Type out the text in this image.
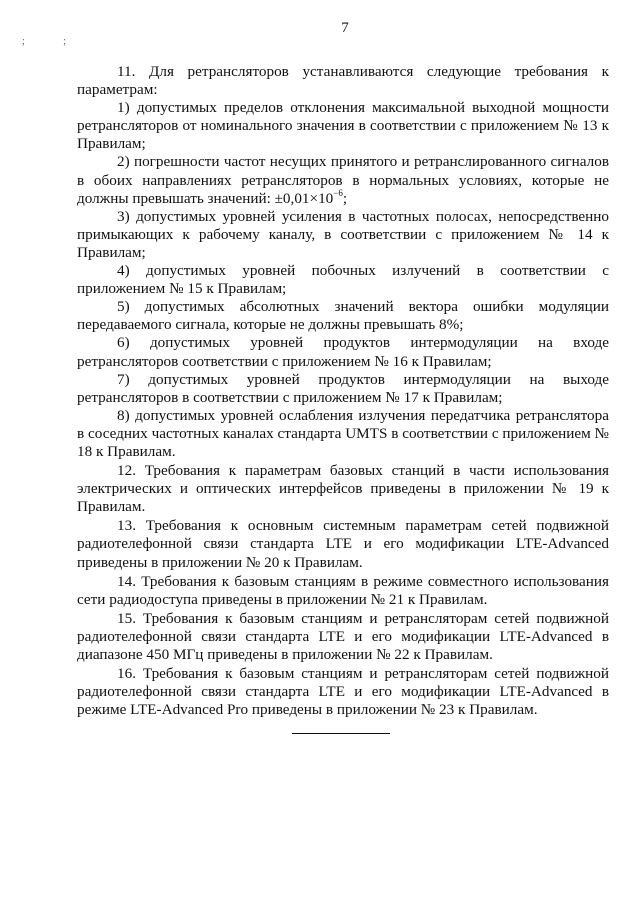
7
; ;

11. Для ретрансляторов устанавливаются следующие требования к параметрам:

1) допустимых пределов отклонения максимальной выходной мощности ретрансляторов от номинального значения в соответствии с приложением № 13 к Правилам;

2) погрешности частот несущих принятого и ретранслированного сигналов в обоих направлениях ретрансляторов в нормальных условиях, которые не должны превышать значений: $\pm 0,01\times 10^{-6}$;

3) допустимых уровней усиления в частотных полосах, непосредственно примыкающих к рабочему каналу, в соответствии с приложением № 14 к Правилам;

4) допустимых уровней побочных излучений в соответствии с приложением № 15 к Правилам;

5) допустимых абсолютных значений вектора ошибки модуляции передаваемого сигнала, которые не должны превышать 8%;

6) допустимых уровней продуктов интермодуляции на входе ретрансляторов соответствии с приложением № 16 к Правилам;

7) допустимых уровней продуктов интермодуляции на выходе ретрансляторов в соответствии с приложением № 17 к Правилам;

8) допустимых уровней ослабления излучения передатчика ретранслятора в соседних частотных каналах стандарта UMTS в соответствии с приложением № 18 к Правилам.

12. Требования к параметрам базовых станций в части использования электрических и оптических интерфейсов приведены в приложении № 19 к Правилам.

13. Требования к основным системным параметрам сетей подвижной радиотелефонной связи стандарта LTE и его модификации LTE-Advanced приведены в приложении № 20 к Правилам.

14. Требования к базовым станциям в режиме совместного использования сети радиодоступа приведены в приложении № 21 к Правилам.

15. Требования к базовым станциям и ретрансляторам сетей подвижной радиотелефонной связи стандарта LTE и его модификации LTE-Advanced в диапазоне 450 МГц приведены в приложении № 22 к Правилам.

16. Требования к базовым станциям и ретрансляторам сетей подвижной радиотелефонной связи стандарта LTE и его модификации LTE-Advanced в режиме LTE-Advanced Pro приведены в приложении № 23 к Правилам.
